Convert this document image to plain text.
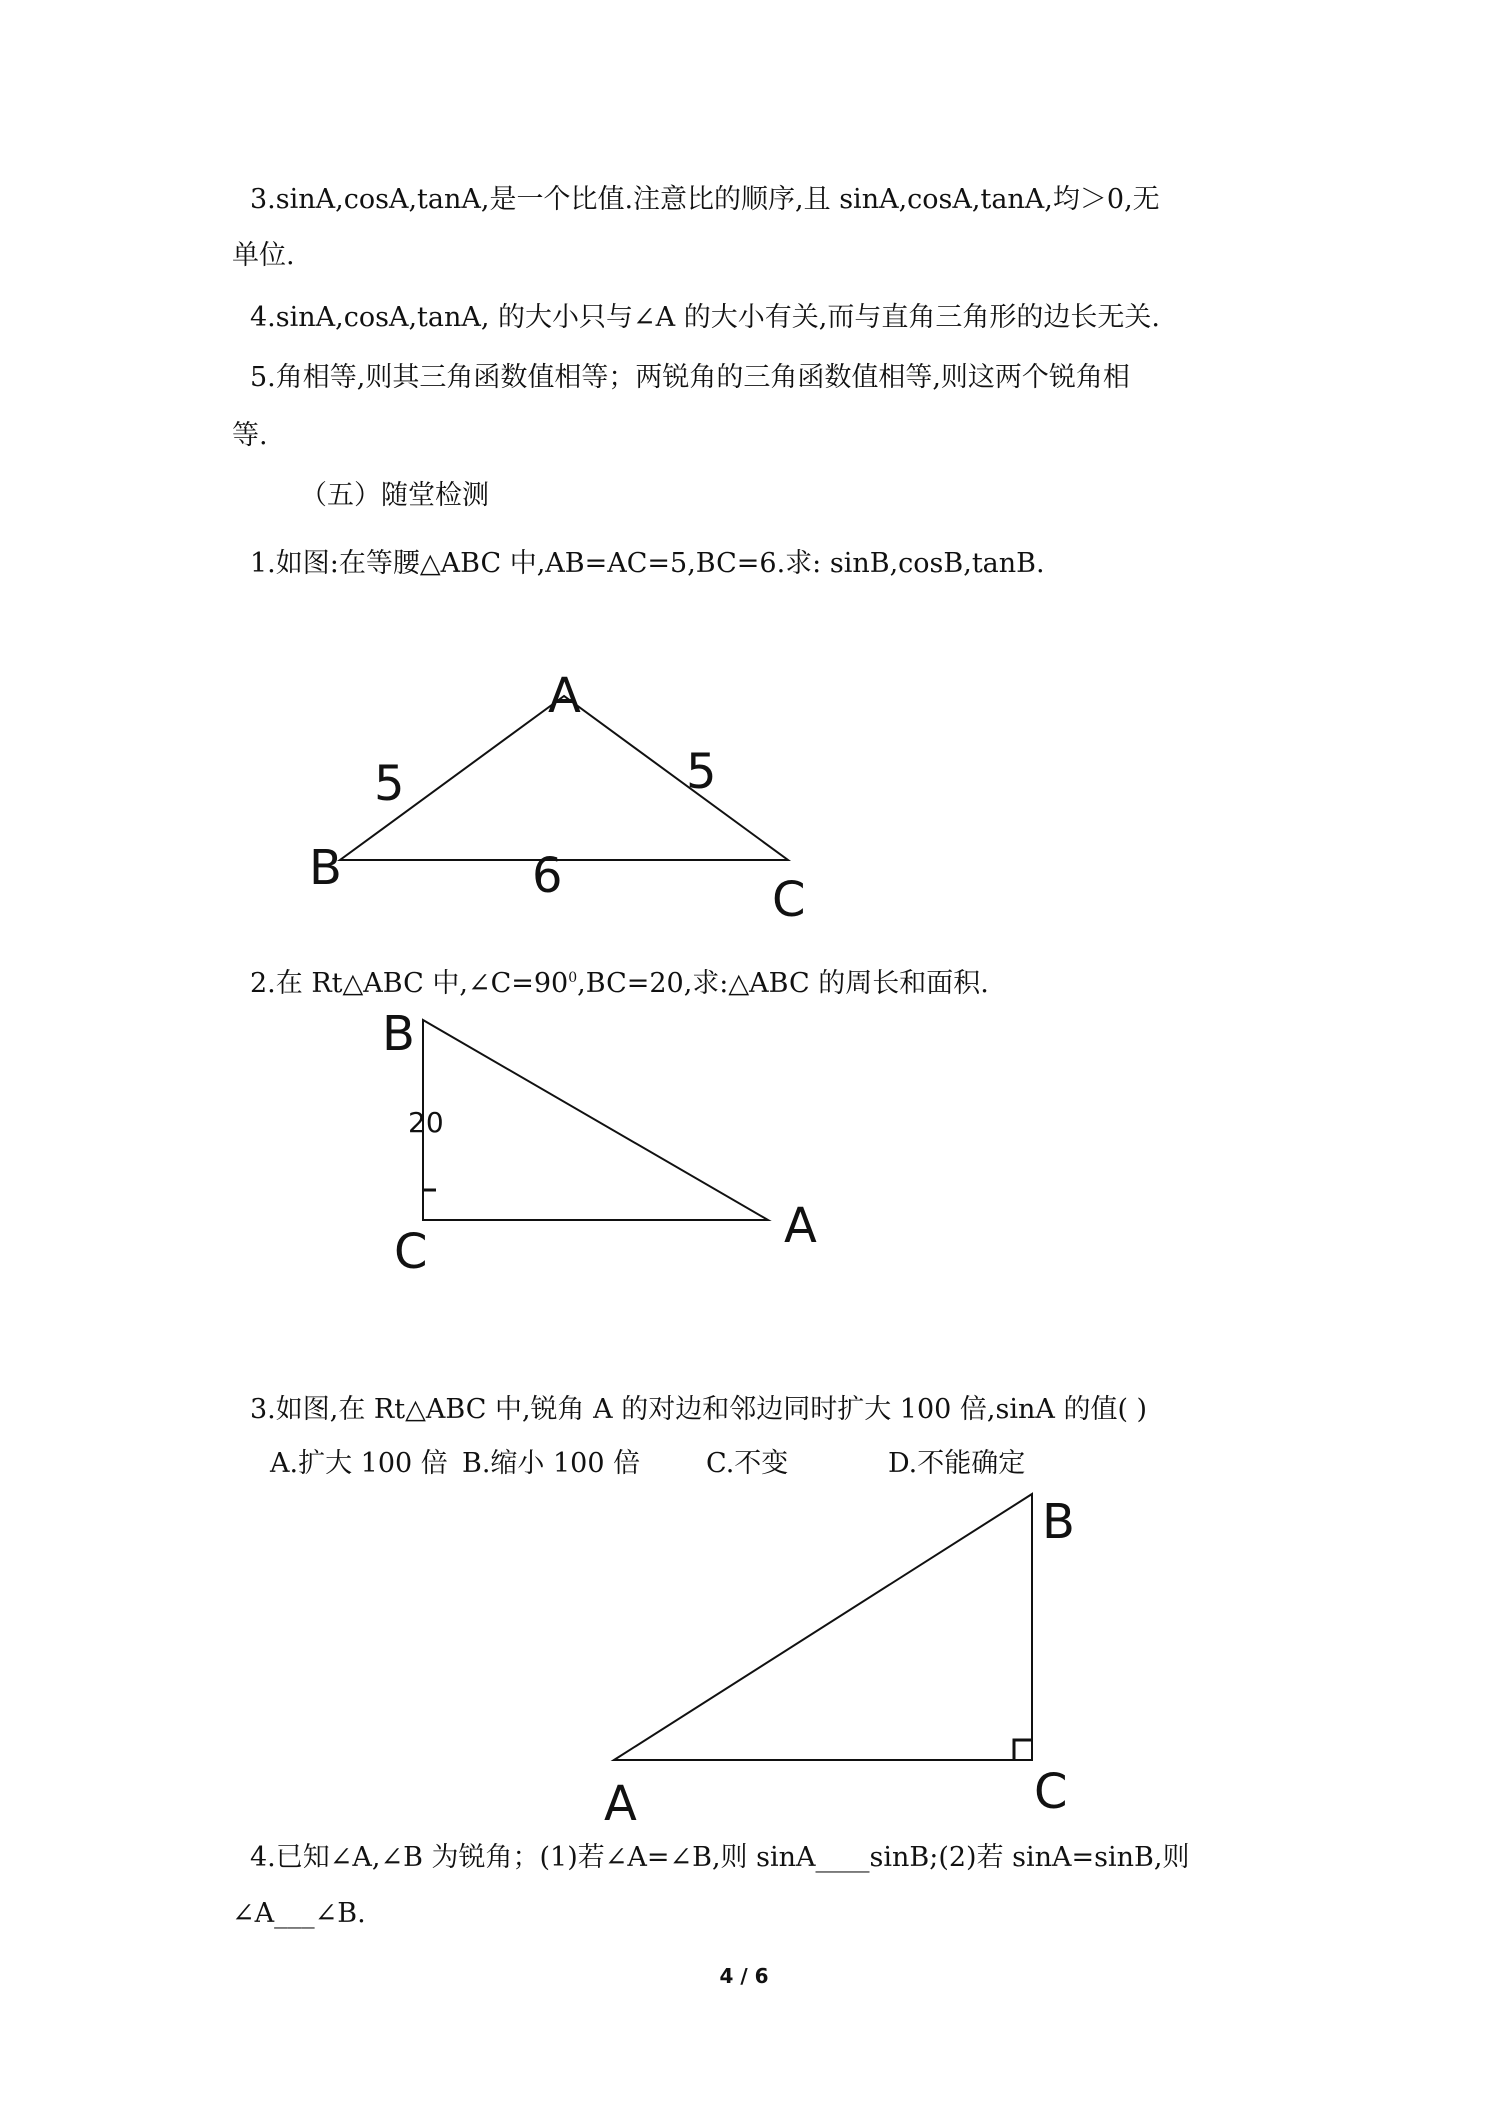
3.sinA,cosA,tanA,是一个比值.注意比的顺序,且 sinA,cosA,tanA,均＞0,无
单位.
4.sinA,cosA,tanA, 的大小只与∠A 的大小有关,而与直角三角形的边长无关.
5.角相等,则其三角函数值相等；两锐角的三角函数值相等,则这两个锐角相
等.
（五）随堂检测
1.如图:在等腰△ABC 中,AB=AC=5,BC=6.求: sinB,cosB,tanB.
A
B
C
5	5
6
2.在 Rt△ABC 中$,\angle C=90^0,BC=20$,求:△ABC 的周长和面积.
B
C	A
20
3.如图,在 Rt△ABC 中,锐角 A 的对边和邻边同时扩大 100 倍,sinA 的值( )
A.扩大 100 倍 B.缩小 100 倍 C.不变	D.不能确定
B
C
A
4.已知∠A,∠B 为锐角；(1)若∠A=∠B,则 sinA____sinB;(2)若 sinA=sinB,则
∠A___∠B.
4 / 6
